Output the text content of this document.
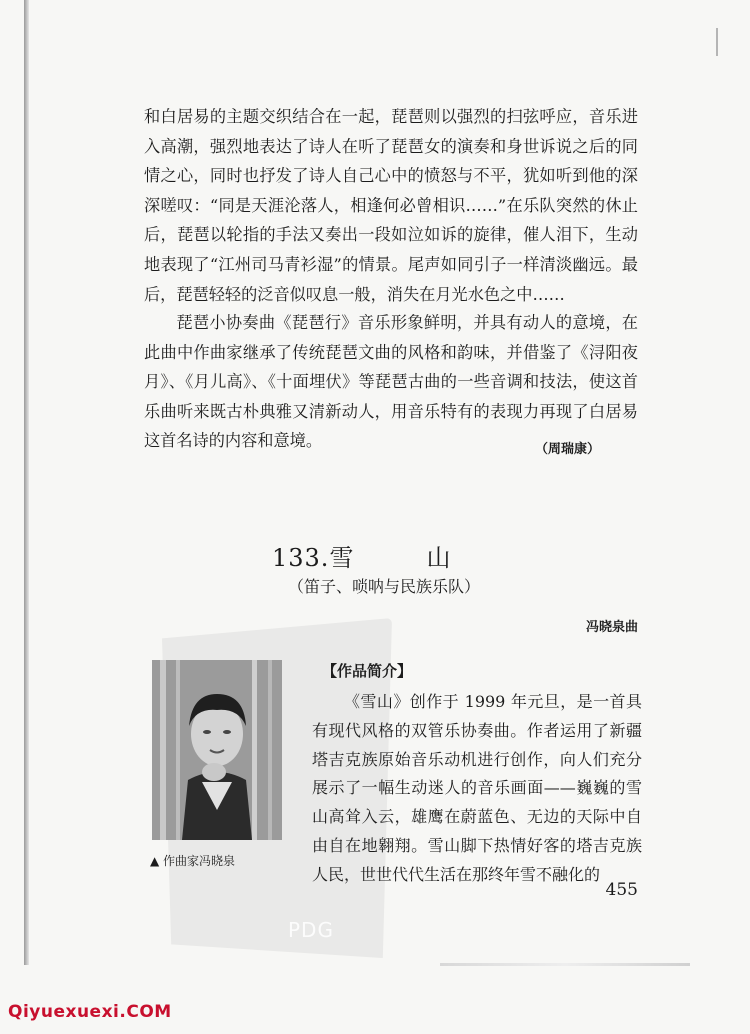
PDG

和白居易的主题交织结合在一起，琵琶则以强烈的扫弦呼应，音乐进入高潮，强烈地表达了诗人在听了琵琶女的演奏和身世诉说之后的同情之心，同时也抒发了诗人自己心中的愤怒与不平，犹如听到他的深深嗟叹：“同是天涯沦落人，相逢何必曾相识……”在乐队突然的休止后，琵琶以轮指的手法又奏出一段如泣如诉的旋律，催人泪下，生动地表现了“江州司马青衫湿”的情景。尾声如同引子一样清淡幽远。最后，琵琶轻轻的泛音似叹息一般，消失在月光水色之中……

琵琶小协奏曲《琵琶行》音乐形象鲜明，并具有动人的意境，在此曲中作曲家继承了传统琵琶文曲的风格和韵味，并借鉴了《浔阳夜月》、《月儿高》、《十面埋伏》等琵琶古曲的一些音调和技法，使这首乐曲听来既古朴典雅又清新动人，用音乐特有的表现力再现了白居易这首名诗的内容和意境。	（周瑞康）
133.雪	山
（笛子、唢呐与民族乐队）
冯晓泉曲
▲ 作曲家冯晓泉
【作品简介】

《雪山》创作于 1999 年元旦，是一首具有现代风格的双管乐协奏曲。作者运用了新疆塔吉克族原始音乐动机进行创作，向人们充分展示了一幅生动迷人的音乐画面——巍巍的雪山高耸入云，雄鹰在蔚蓝色、无边的天际中自由自在地翱翔。雪山脚下热情好客的塔吉克族人民，世世代代生活在那终年雪不融化的

455
Qiyuexuexi.COM
